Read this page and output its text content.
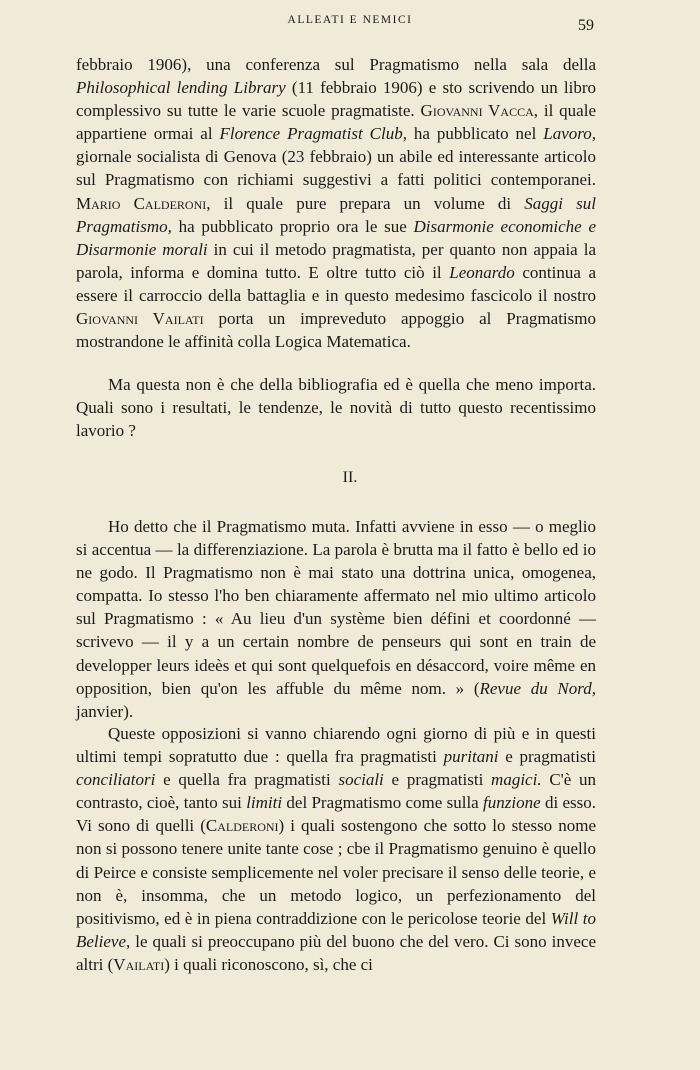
ALLEATI E NEMICI	59

febbraio 1906), una conferenza sul Pragmatismo nella sala della Philosophical lending Library (11 febbraio 1906) e sto scrivendo un libro complessivo su tutte le varie scuole pragmatiste. Giovanni Vacca, il quale appartiene ormai al Florence Pragmatist Club, ha pubblicato nel Lavoro, giornale socialista di Genova (23 febbraio) un abile ed interessante articolo sul Pragmatismo con richiami suggestivi a fatti politici contemporanei. Mario Calderoni, il quale pure prepara un volume di Saggi sul Pragmatismo, ha pubblicato proprio ora le sue Disarmonie economiche e Disarmonie morali in cui il metodo pragmatista, per quanto non appaia la parola, informa e domina tutto. E oltre tutto ciò il Leonardo continua a essere il carroccio della battaglia e in questo medesimo fascicolo il nostro Giovanni Vailati porta un impreveduto appoggio al Pragmatismo mostrandone le affinità colla Logica Matematica.

Ma questa non è che della bibliografia ed è quella che meno importa. Quali sono i resultati, le tendenze, le novità di tutto questo recentissimo lavorio ?

II.

Ho detto che il Pragmatismo muta. Infatti avviene in esso — o meglio si accentua — la differenziazione. La parola è brutta ma il fatto è bello ed io ne godo. Il Pragmatismo non è mai stato una dottrina unica, omogenea, compatta. Io stesso l'ho ben chiaramente affermato nel mio ultimo articolo sul Pragmatismo : « Au lieu d'un système bien défini et coordonné — scrivevo — il y a un certain nombre de penseurs qui sont en train de developper leurs ideès et qui sont quelquefois en désaccord, voire même en opposition, bien qu'on les affuble du même nom. » (Revue du Nord, janvier).

Queste opposizioni si vanno chiarendo ogni giorno di più e in questi ultimi tempi sopratutto due : quella fra pragmatisti puritani e pragmatisti conciliatori e quella fra pragmatisti sociali e pragmatisti magici. C'è un contrasto, cioè, tanto sui limiti del Pragmatismo come sulla funzione di esso. Vi sono di quelli (Calderoni) i quali sostengono che sotto lo stesso nome non si possono tenere unite tante cose ; cbe il Pragmatismo genuino è quello di Peirce e consiste semplicemente nel voler precisare il senso delle teorie, e non è, insomma, che un metodo logico, un perfezionamento del positivismo, ed è in piena contraddizione con le pericolose teorie del Will to Believe, le quali si preoccupano più del buono che del vero. Ci sono invece altri (Vailati) i quali riconoscono, sì, che ci
